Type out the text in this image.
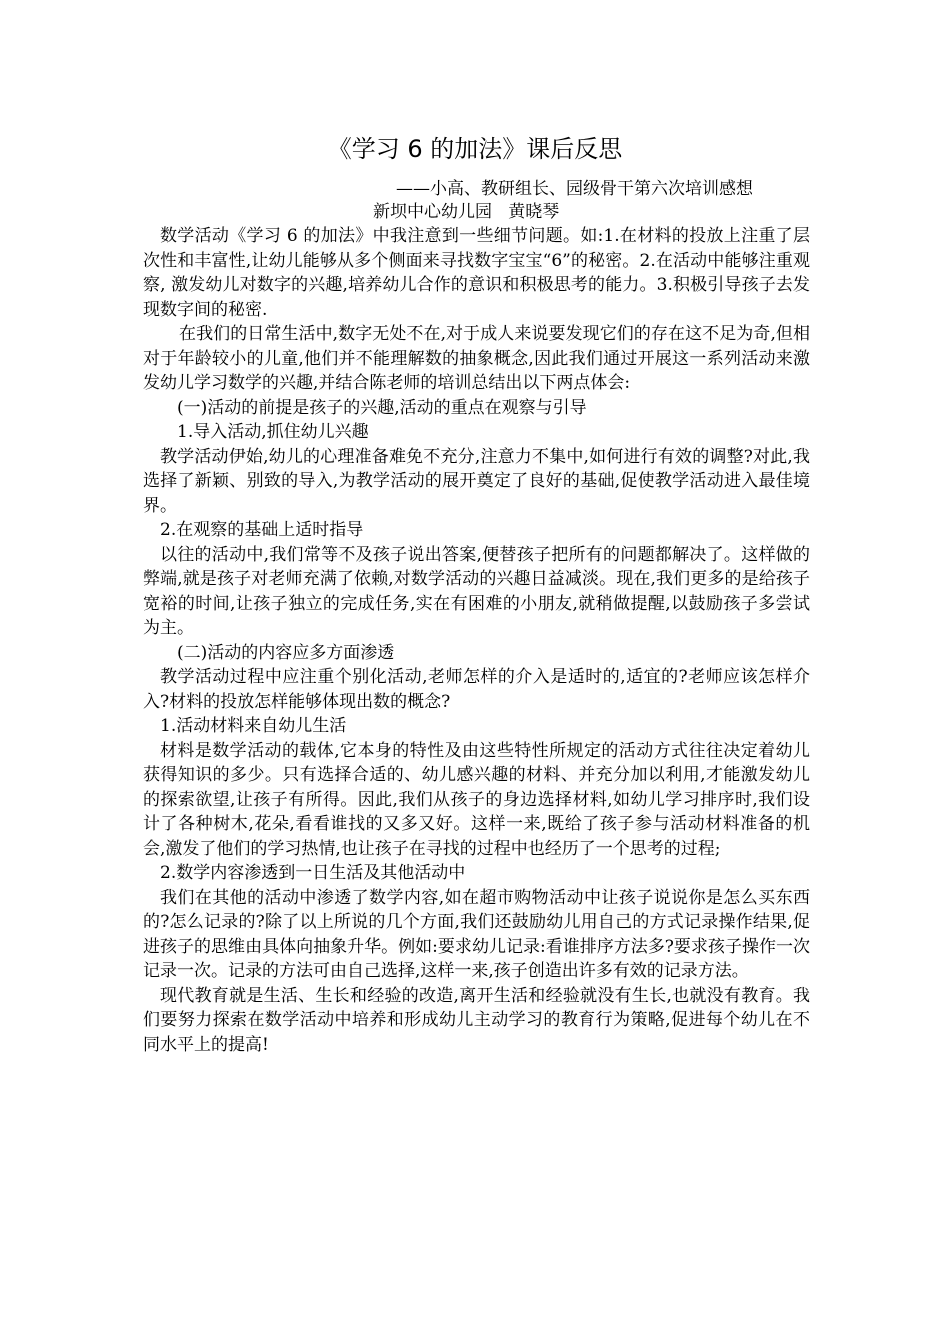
《学习 6 的加法》课后反思
——小高、教研组长、园级骨干第六次培训感想
新坝中心幼儿园   黄晓琴

数学活动《学习 6 的加法》中我注意到一些细节问题。如:1.在材料的投放上注重了层次性和丰富性,让幼儿能够从多个侧面来寻找数字宝宝“6”的秘密。2.在活动中能够注重观察, 激发幼儿对数字的兴趣,培养幼儿合作的意识和积极思考的能力。3.积极引导孩子去发现数字间的秘密.

在我们的日常生活中,数字无处不在,对于成人来说要发现它们的存在这不足为奇,但相对于年龄较小的儿童,他们并不能理解数的抽象概念,因此我们通过开展这一系列活动来激发幼儿学习数学的兴趣,并结合陈老师的培训总结出以下两点体会:

(一)活动的前提是孩子的兴趣,活动的重点在观察与引导

1.导入活动,抓住幼儿兴趣

教学活动伊始,幼儿的心理准备难免不充分,注意力不集中,如何进行有效的调整?对此,我选择了新颖、别致的导入,为教学活动的展开奠定了良好的基础,促使教学活动进入最佳境界。

2.在观察的基础上适时指导

以往的活动中,我们常等不及孩子说出答案,便替孩子把所有的问题都解决了。这样做的弊端,就是孩子对老师充满了依赖,对数学活动的兴趣日益减淡。现在,我们更多的是给孩子宽裕的时间,让孩子独立的完成任务,实在有困难的小朋友,就稍做提醒,以鼓励孩子多尝试为主。

(二)活动的内容应多方面渗透

教学活动过程中应注重个别化活动,老师怎样的介入是适时的,适宜的?老师应该怎样介入?材料的投放怎样能够体现出数的概念?

1.活动材料来自幼儿生活

材料是数学活动的载体,它本身的特性及由这些特性所规定的活动方式往往决定着幼儿获得知识的多少。只有选择合适的、幼儿感兴趣的材料、并充分加以利用,才能激发幼儿的探索欲望,让孩子有所得。因此,我们从孩子的身边选择材料,如幼儿学习排序时,我们设计了各种树木,花朵,看看谁找的又多又好。这样一来,既给了孩子参与活动材料准备的机会,激发了他们的学习热情,也让孩子在寻找的过程中也经历了一个思考的过程;

2.数学内容渗透到一日生活及其他活动中

我们在其他的活动中渗透了数学内容,如在超市购物活动中让孩子说说你是怎么买东西的?怎么记录的?除了以上所说的几个方面,我们还鼓励幼儿用自己的方式记录操作结果,促进孩子的思维由具体向抽象升华。例如:要求幼儿记录:看谁排序方法多?要求孩子操作一次记录一次。记录的方法可由自己选择,这样一来,孩子创造出许多有效的记录方法。

现代教育就是生活、生长和经验的改造,离开生活和经验就没有生长,也就没有教育。我们要努力探索在数学活动中培养和形成幼儿主动学习的教育行为策略,促进每个幼儿在不同水平上的提高!
